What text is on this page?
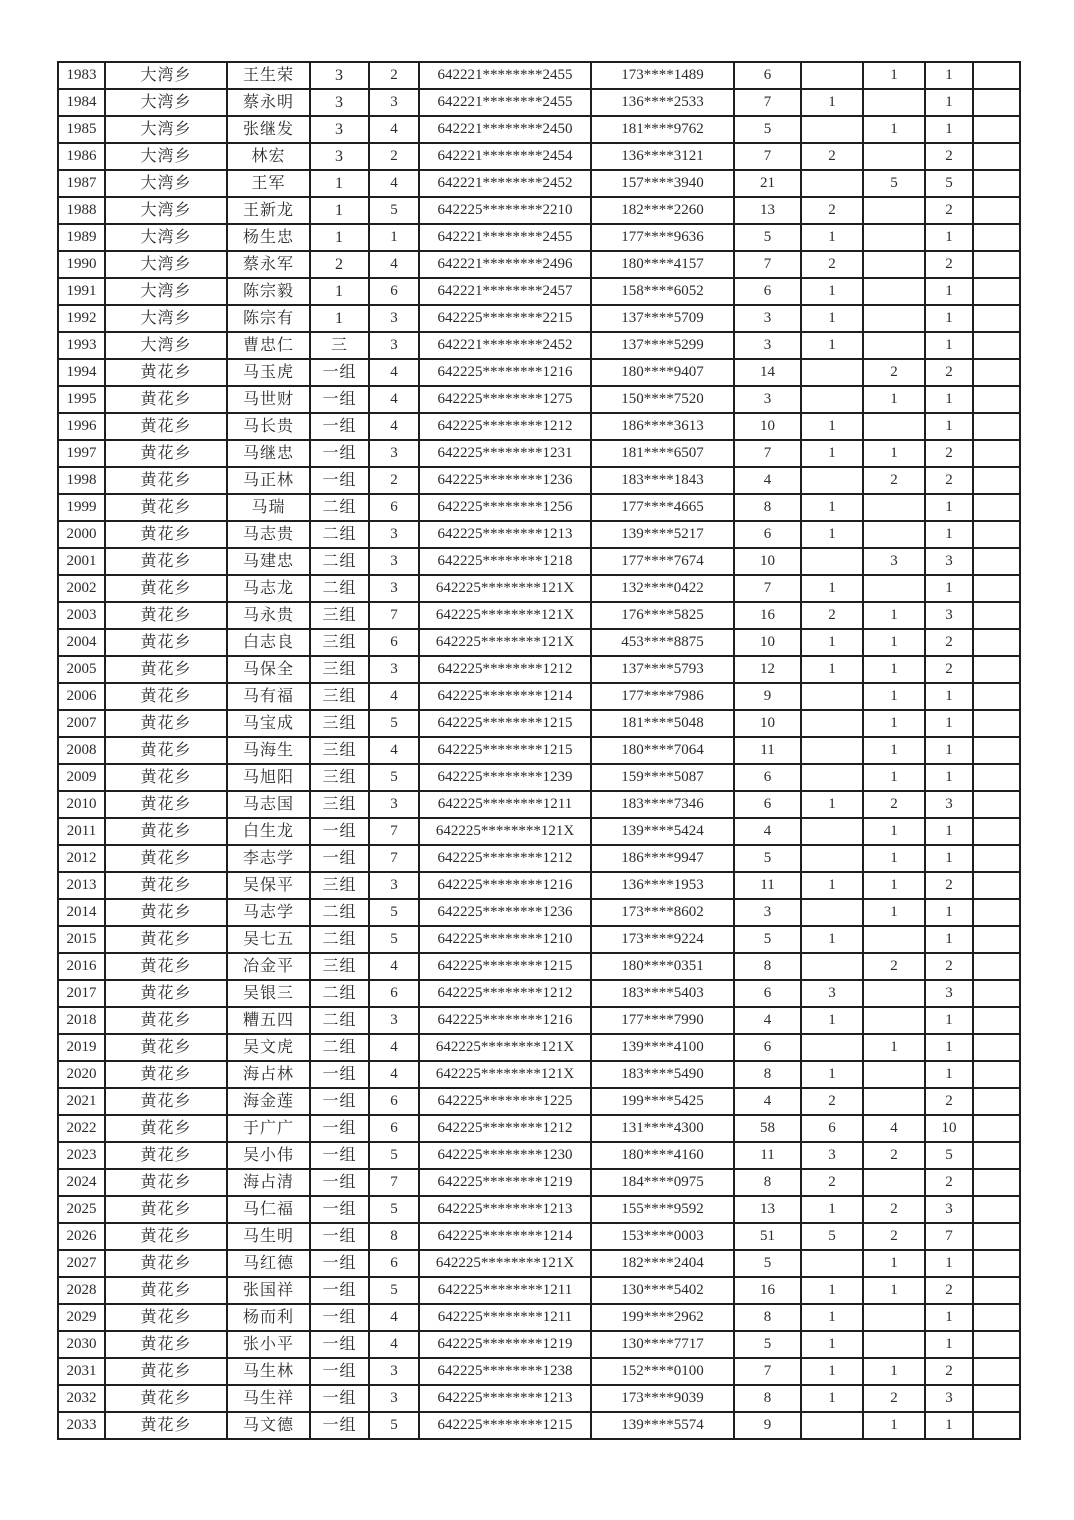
1983	大湾乡	王生荣	3	2	642221********2455	173****1489	6		1	1	
1984	大湾乡	蔡永明	3	3	642221********2455	136****2533	7	1		1	
1985	大湾乡	张继发	3	4	642221********2450	181****9762	5		1	1	
1986	大湾乡	林宏	3	2	642221********2454	136****3121	7	2		2	
1987	大湾乡	王军	1	4	642221********2452	157****3940	21		5	5	
1988	大湾乡	王新龙	1	5	642225********2210	182****2260	13	2		2	
1989	大湾乡	杨生忠	1	1	642221********2455	177****9636	5	1		1	
1990	大湾乡	蔡永军	2	4	642221********2496	180****4157	7	2		2	
1991	大湾乡	陈宗毅	1	6	642221********2457	158****6052	6	1		1	
1992	大湾乡	陈宗有	1	3	642225********2215	137****5709	3	1		1	
1993	大湾乡	曹忠仁	三	3	642221********2452	137****5299	3	1		1	
1994	黄花乡	马玉虎	一组	4	642225********1216	180****9407	14		2	2	
1995	黄花乡	马世财	一组	4	642225********1275	150****7520	3		1	1	
1996	黄花乡	马长贵	一组	4	642225********1212	186****3613	10	1		1	
1997	黄花乡	马继忠	一组	3	642225********1231	181****6507	7	1	1	2	
1998	黄花乡	马正林	一组	2	642225********1236	183****1843	4		2	2	
1999	黄花乡	马瑞	二组	6	642225********1256	177****4665	8	1		1	
2000	黄花乡	马志贵	二组	3	642225********1213	139****5217	6	1		1	
2001	黄花乡	马建忠	二组	3	642225********1218	177****7674	10		3	3	
2002	黄花乡	马志龙	二组	3	642225********121X	132****0422	7	1		1	
2003	黄花乡	马永贵	三组	7	642225********121X	176****5825	16	2	1	3	
2004	黄花乡	白志良	三组	6	642225********121X	453****8875	10	1	1	2	
2005	黄花乡	马保全	三组	3	642225********1212	137****5793	12	1	1	2	
2006	黄花乡	马有福	三组	4	642225********1214	177****7986	9		1	1	
2007	黄花乡	马宝成	三组	5	642225********1215	181****5048	10		1	1	
2008	黄花乡	马海生	三组	4	642225********1215	180****7064	11		1	1	
2009	黄花乡	马旭阳	三组	5	642225********1239	159****5087	6		1	1	
2010	黄花乡	马志国	三组	3	642225********1211	183****7346	6	1	2	3	
2011	黄花乡	白生龙	一组	7	642225********121X	139****5424	4		1	1	
2012	黄花乡	李志学	一组	7	642225********1212	186****9947	5		1	1	
2013	黄花乡	吴保平	三组	3	642225********1216	136****1953	11	1	1	2	
2014	黄花乡	马志学	二组	5	642225********1236	173****8602	3		1	1	
2015	黄花乡	吴七五	二组	5	642225********1210	173****9224	5	1		1	
2016	黄花乡	冶金平	三组	4	642225********1215	180****0351	8		2	2	
2017	黄花乡	吴银三	二组	6	642225********1212	183****5403	6	3		3	
2018	黄花乡	糟五四	二组	3	642225********1216	177****7990	4	1		1	
2019	黄花乡	吴文虎	二组	4	642225********121X	139****4100	6		1	1	
2020	黄花乡	海占林	一组	4	642225********121X	183****5490	8	1		1	
2021	黄花乡	海金莲	一组	6	642225********1225	199****5425	4	2		2	
2022	黄花乡	于广广	一组	6	642225********1212	131****4300	58	6	4	10	
2023	黄花乡	吴小伟	一组	5	642225********1230	180****4160	11	3	2	5	
2024	黄花乡	海占清	一组	7	642225********1219	184****0975	8	2		2	
2025	黄花乡	马仁福	一组	5	642225********1213	155****9592	13	1	2	3	
2026	黄花乡	马生明	一组	8	642225********1214	153****0003	51	5	2	7	
2027	黄花乡	马红德	一组	6	642225********121X	182****2404	5		1	1	
2028	黄花乡	张国祥	一组	5	642225********1211	130****5402	16	1	1	2	
2029	黄花乡	杨而利	一组	4	642225********1211	199****2962	8	1		1	
2030	黄花乡	张小平	一组	4	642225********1219	130****7717	5	1		1	
2031	黄花乡	马生林	一组	3	642225********1238	152****0100	7	1	1	2	
2032	黄花乡	马生祥	一组	3	642225********1213	173****9039	8	1	2	3	
2033	黄花乡	马文德	一组	5	642225********1215	139****5574	9		1	1	
